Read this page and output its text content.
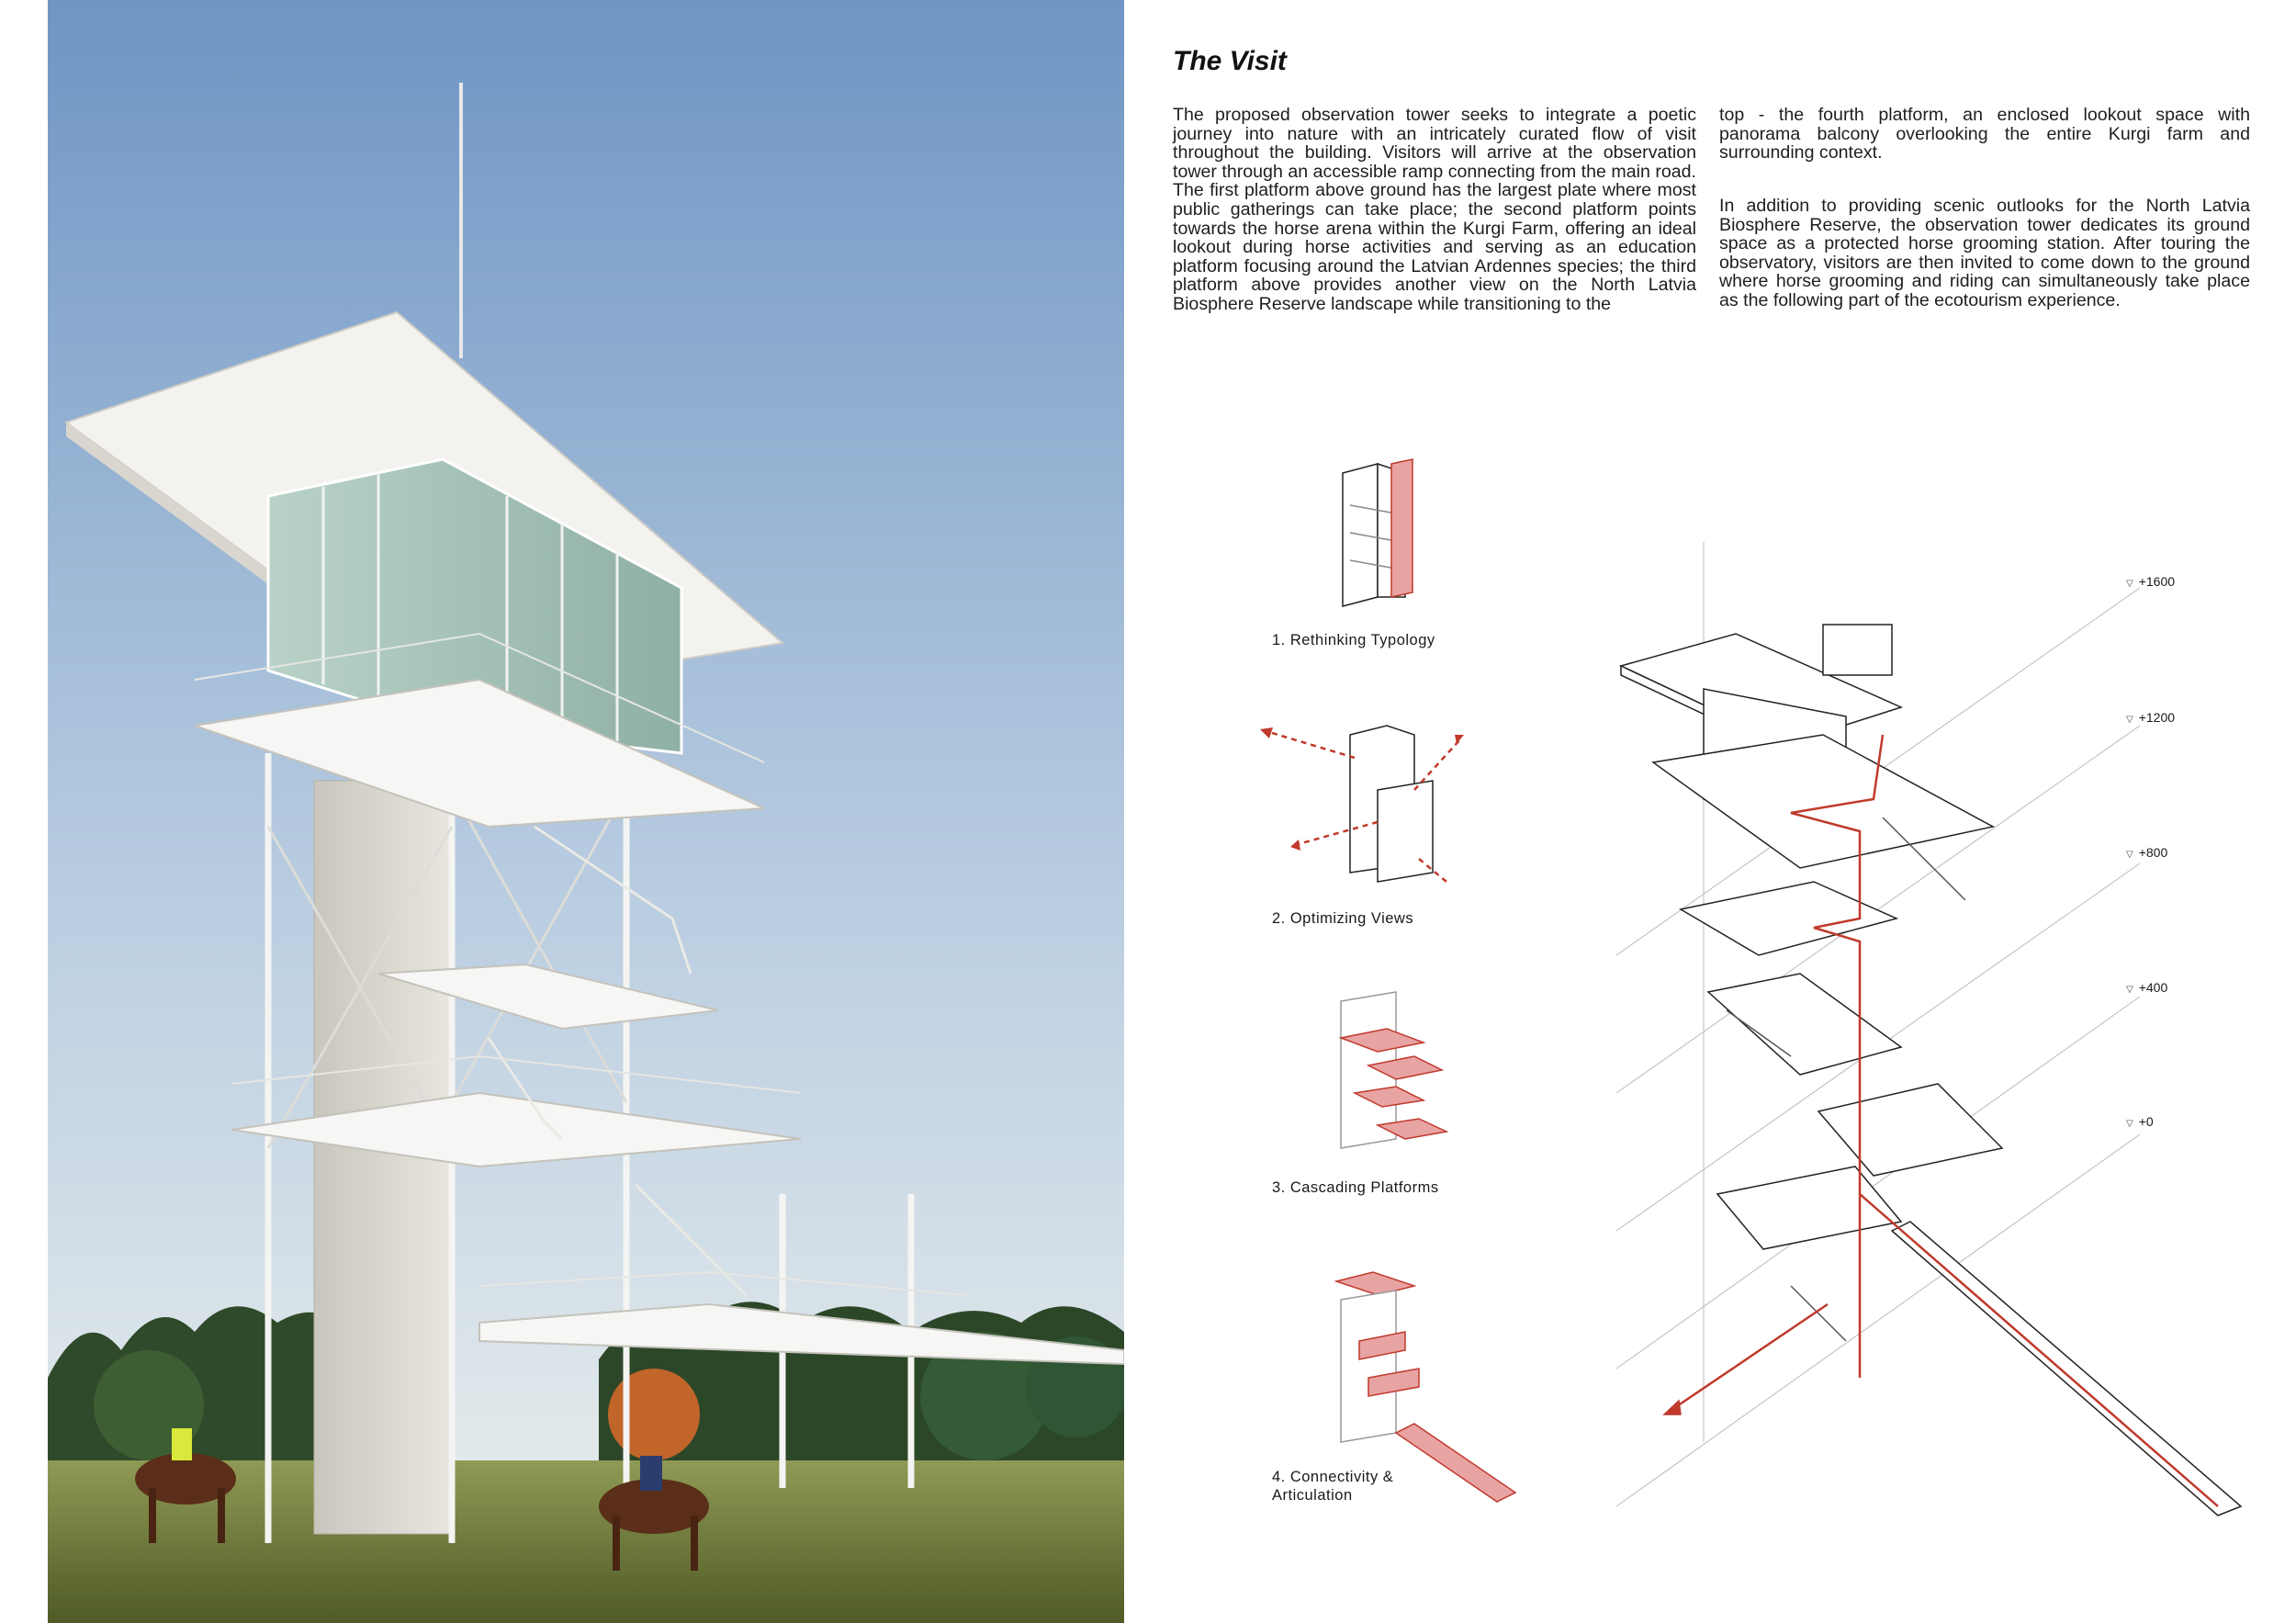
The Visit

The proposed observation tower seeks to integrate a poetic journey into nature with an intricately curated flow of visit throughout the building. Visitors will arrive at the observation tower through an accessible ramp connecting from the main road. The first platform above ground has the largest plate where most public gatherings can take place; the second platform points towards the horse arena within the Kurgi Farm, offering an ideal lookout during horse activities and serving as an education platform focusing around the Latvian Ardennes species; the third platform above provides another view on the North Latvia Biosphere Reserve landscape while transitioning to the

top - the fourth platform, an enclosed lookout space with panorama balcony overlooking the entire Kurgi farm and surrounding context.

In addition to providing scenic outlooks for the North Latvia Biosphere Reserve, the observation tower dedicates its ground space as a protected horse grooming station. After touring the observatory, visitors are then invited to come down to the ground where horse grooming and riding can simultaneously take place as the following part of the ecotourism experience.

1. Rethinking Typology
2. Optimizing Views
3. Cascading Platforms
4. Connectivity &
Articulation
▽ +1600
▽ +1200
▽ +800
▽ +400
▽ +0
